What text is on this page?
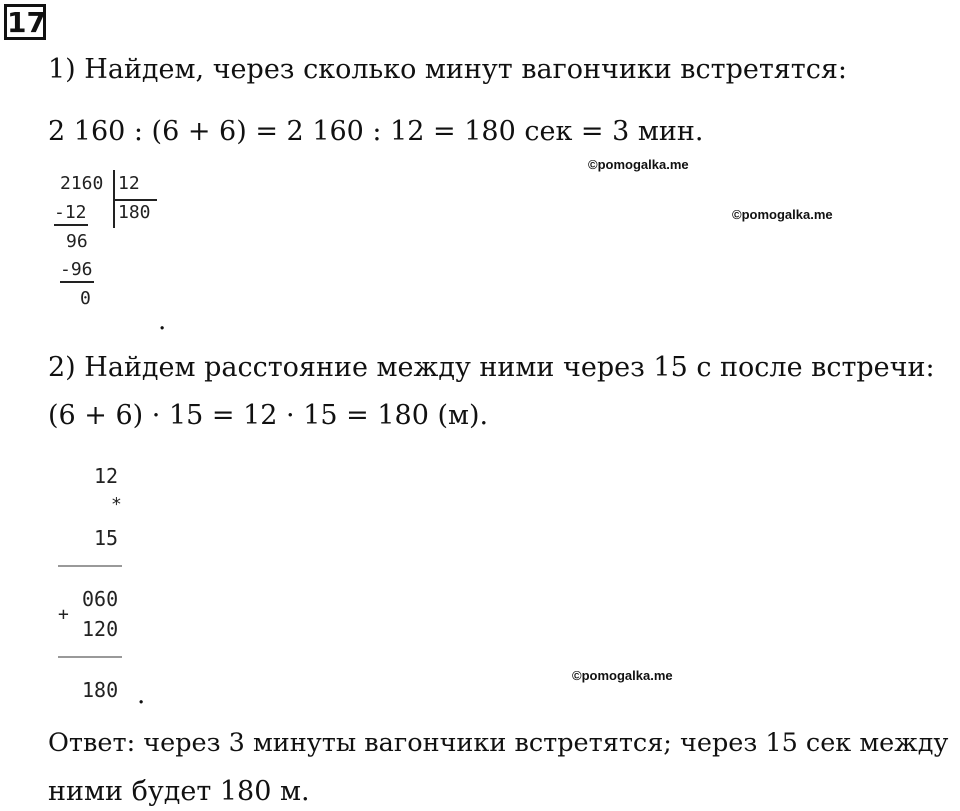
17
1) Найдем, через сколько минут вагончики встретятся:
2 160 : (6 + 6) = 2 160 : 12 = 180 сек = 3 мин.
©pomogalka.me
©pomogalka.me
©pomogalka.me
2160 12
-12 180
96
-96
0
.
2) Найдем расстояние между ними через 15 с после встречи:
(6 + 6) · 15 = 12 · 15 = 180 (м).
12
*
15
060
+
120
180 .
Ответ: через 3 минуты вагончики встретятся; через 15 сек между
ними будет 180 м.
